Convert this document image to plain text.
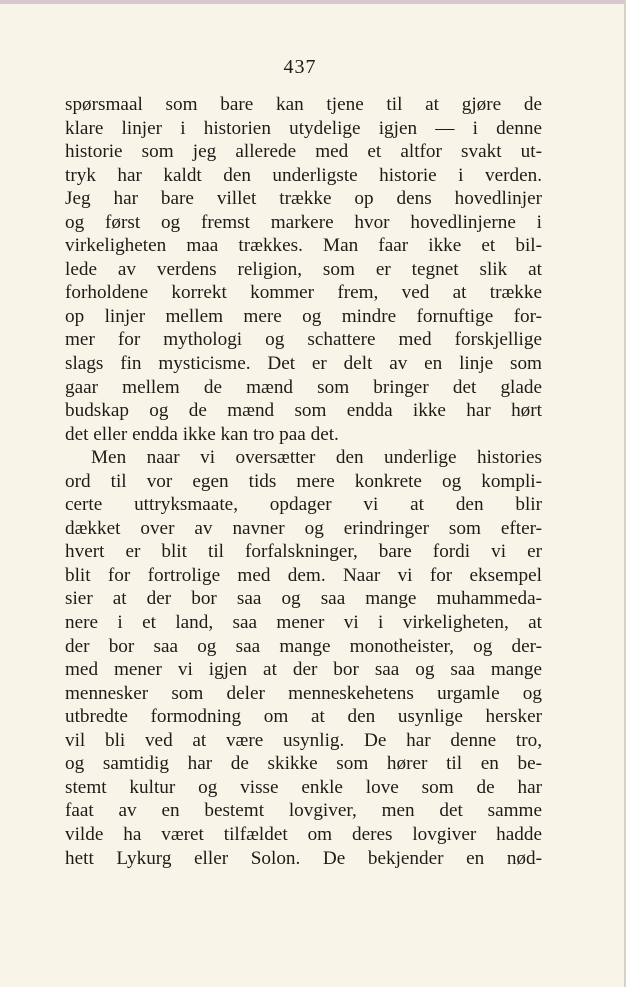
437
spørsmaal som bare kan tjene til at gjøre de
klare linjer i historien utydelige igjen — i denne
historie som jeg allerede med et altfor svakt ut-
tryk har kaldt den underligste historie i verden.
Jeg har bare villet trække op dens hovedlinjer
og først og fremst markere hvor hovedlinjerne i
virkeligheten maa trækkes. Man faar ikke et bil-
lede av verdens religion, som er tegnet slik at
forholdene korrekt kommer frem, ved at trække
op linjer mellem mere og mindre fornuftige for-
mer for mythologi og schattere med forskjellige
slags fin mysticisme. Det er delt av en linje som
gaar mellem de mænd som bringer det glade
budskap og de mænd som endda ikke har hørt
det eller endda ikke kan tro paa det.
Men naar vi oversætter den underlige histories
ord til vor egen tids mere konkrete og kompli-
certe uttryksmaate, opdager vi at den blir
dækket over av navner og erindringer som efter-
hvert er blit til forfalskninger, bare fordi vi er
blit for fortrolige med dem. Naar vi for eksempel
sier at der bor saa og saa mange muhammeda-
nere i et land, saa mener vi i virkeligheten, at
der bor saa og saa mange monotheister, og der-
med mener vi igjen at der bor saa og saa mange
mennesker som deler menneskehetens urgamle og
utbredte formodning om at den usynlige hersker
vil bli ved at være usynlig. De har denne tro,
og samtidig har de skikke som hører til en be-
stemt kultur og visse enkle love som de har
faat av en bestemt lovgiver, men det samme
vilde ha været tilfældet om deres lovgiver hadde
hett Lykurg eller Solon. De bekjender en nød-
